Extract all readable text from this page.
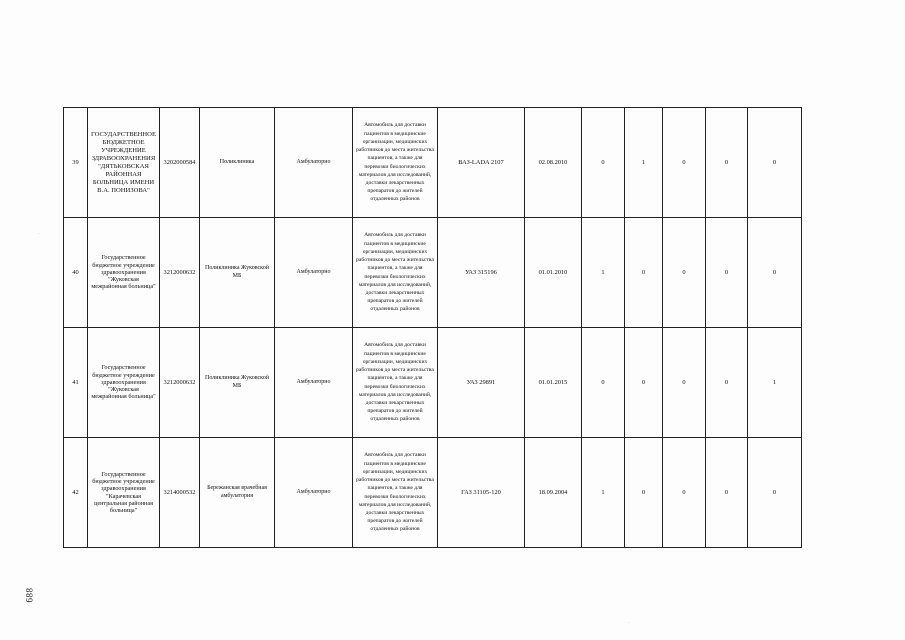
39	ГОСУДАРСТВЕННОЕ БЮДЖЕТНОЕ УЧРЕЖДЕНИЕ ЗДРАВООХРАНЕНИЯ "ДЯТЬКОВСКАЯ РАЙОННАЯ БОЛЬНИЦА ИМЕНИ В.А. ПОНИЗОВА"	3202000584	Поликлиника	Амбулаторно	Автомобиль для доставки пациентов в медицинские организации, медицинских работников до места жительства пациентов, а также для перевозки биологических материалов для исследований, доставки лекарственных препаратов до жителей отдаленных районов	ВАЗ-LADA 2107	02.08.2010	0	1	0	0	0
40	Государственное бюджетное учреждение здравоохранения "Жуковская межрайонная больница"	3212000632	Поликлиника Жуковской МБ	Амбулаторно	Автомобиль для доставки пациентов в медицинские организации, медицинских работников до места жительства пациентов, а также для перевозки биологических материалов для исследований, доставки лекарственных препаратов до жителей отдаленных районов	УАЗ 315196	01.01.2010	1	0	0	0	0
41	Государственное бюджетное учреждение здравоохранения "Жуковская межрайонная больница"	3212000632	Поликлиника Жуковской МБ	Амбулаторно	Автомобиль для доставки пациентов в медицинские организации, медицинских работников до места жительства пациентов, а также для перевозки биологических материалов для исследований, доставки лекарственных препаратов до жителей отдаленных районов	УАЗ 29891	01.01.2015	0	0	0	0	1
42	Государственное бюджетное учреждение здравоохранения "Карачевская центральная районная больница"	3214000532	Бережанская врачебная амбулатория	Амбулаторно	Автомобиль для доставки пациентов в медицинские организации, медицинских работников до места жительства пациентов, а также для перевозки биологических материалов для исследований, доставки лекарственных препаратов до жителей отдаленных районов	ГАЗ 31105-120	18.09.2004	1	0	0	0	0
688
·
·
